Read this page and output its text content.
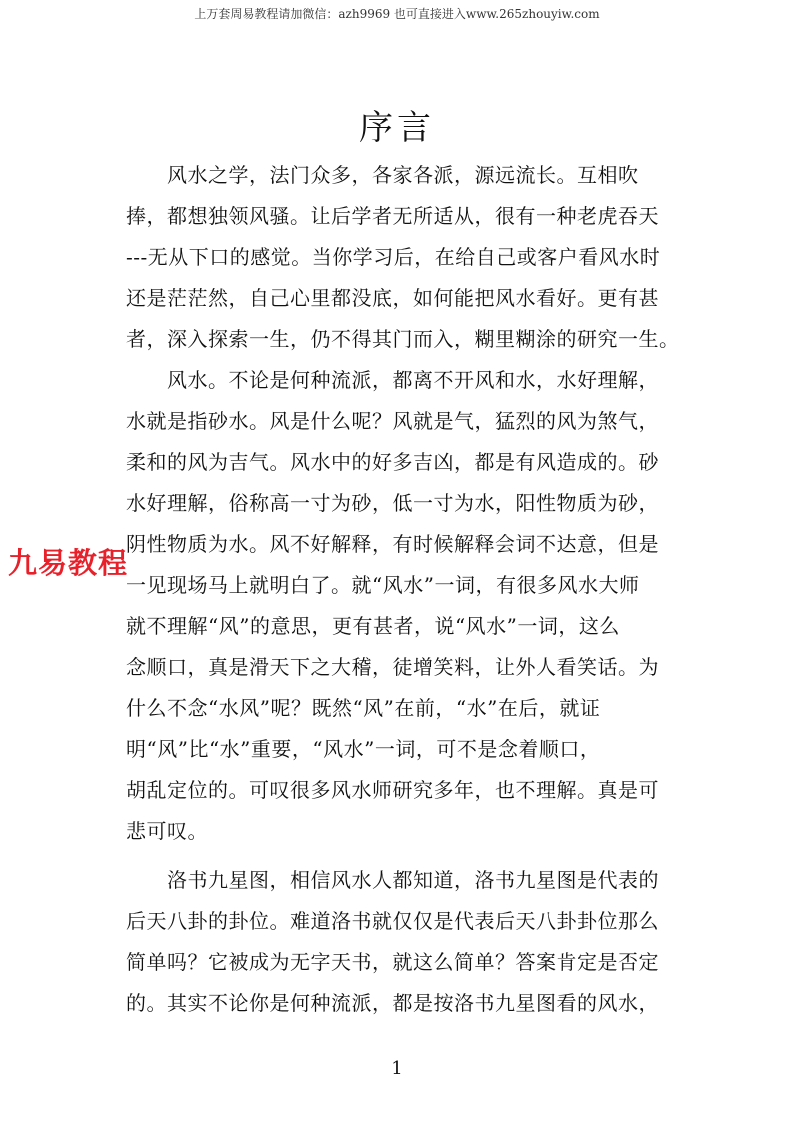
上万套周易教程请加微信：azh9969 也可直接进入www.265zhouyiw.com
序言
　　风水之学，法门众多，各家各派，源远流长。互相吹
捧，都想独领风骚。让后学者无所适从，很有一种老虎吞天
---无从下口的感觉。当你学习后，在给自己或客户看风水时
还是茫茫然，自己心里都没底，如何能把风水看好。更有甚
者，深入探索一生，仍不得其门而入，糊里糊涂的研究一生。
　　风水。不论是何种流派，都离不开风和水，水好理解，
水就是指砂水。风是什么呢？风就是气，猛烈的风为煞气，
柔和的风为吉气。风水中的好多吉凶，都是有风造成的。砂
水好理解，俗称高一寸为砂，低一寸为水，阳性物质为砂，
阴性物质为水。风不好解释，有时候解释会词不达意，但是
一见现场马上就明白了。就“风水”一词，有很多风水大师
就不理解“风”的意思，更有甚者，说“风水”一词，这么
念顺口，真是滑天下之大稽，徒增笑料，让外人看笑话。为
什么不念“水风”呢？既然“风”在前，“水”在后，就证
明“风”比“水”重要，“风水”一词，可不是念着顺口，
胡乱定位的。可叹很多风水师研究多年，也不理解。真是可
悲可叹。
　　洛书九星图，相信风水人都知道，洛书九星图是代表的
后天八卦的卦位。难道洛书就仅仅是代表后天八卦卦位那么
简单吗？它被成为无字天书，就这么简单？答案肯定是否定
的。其实不论你是何种流派，都是按洛书九星图看的风水，
九易教程
1
